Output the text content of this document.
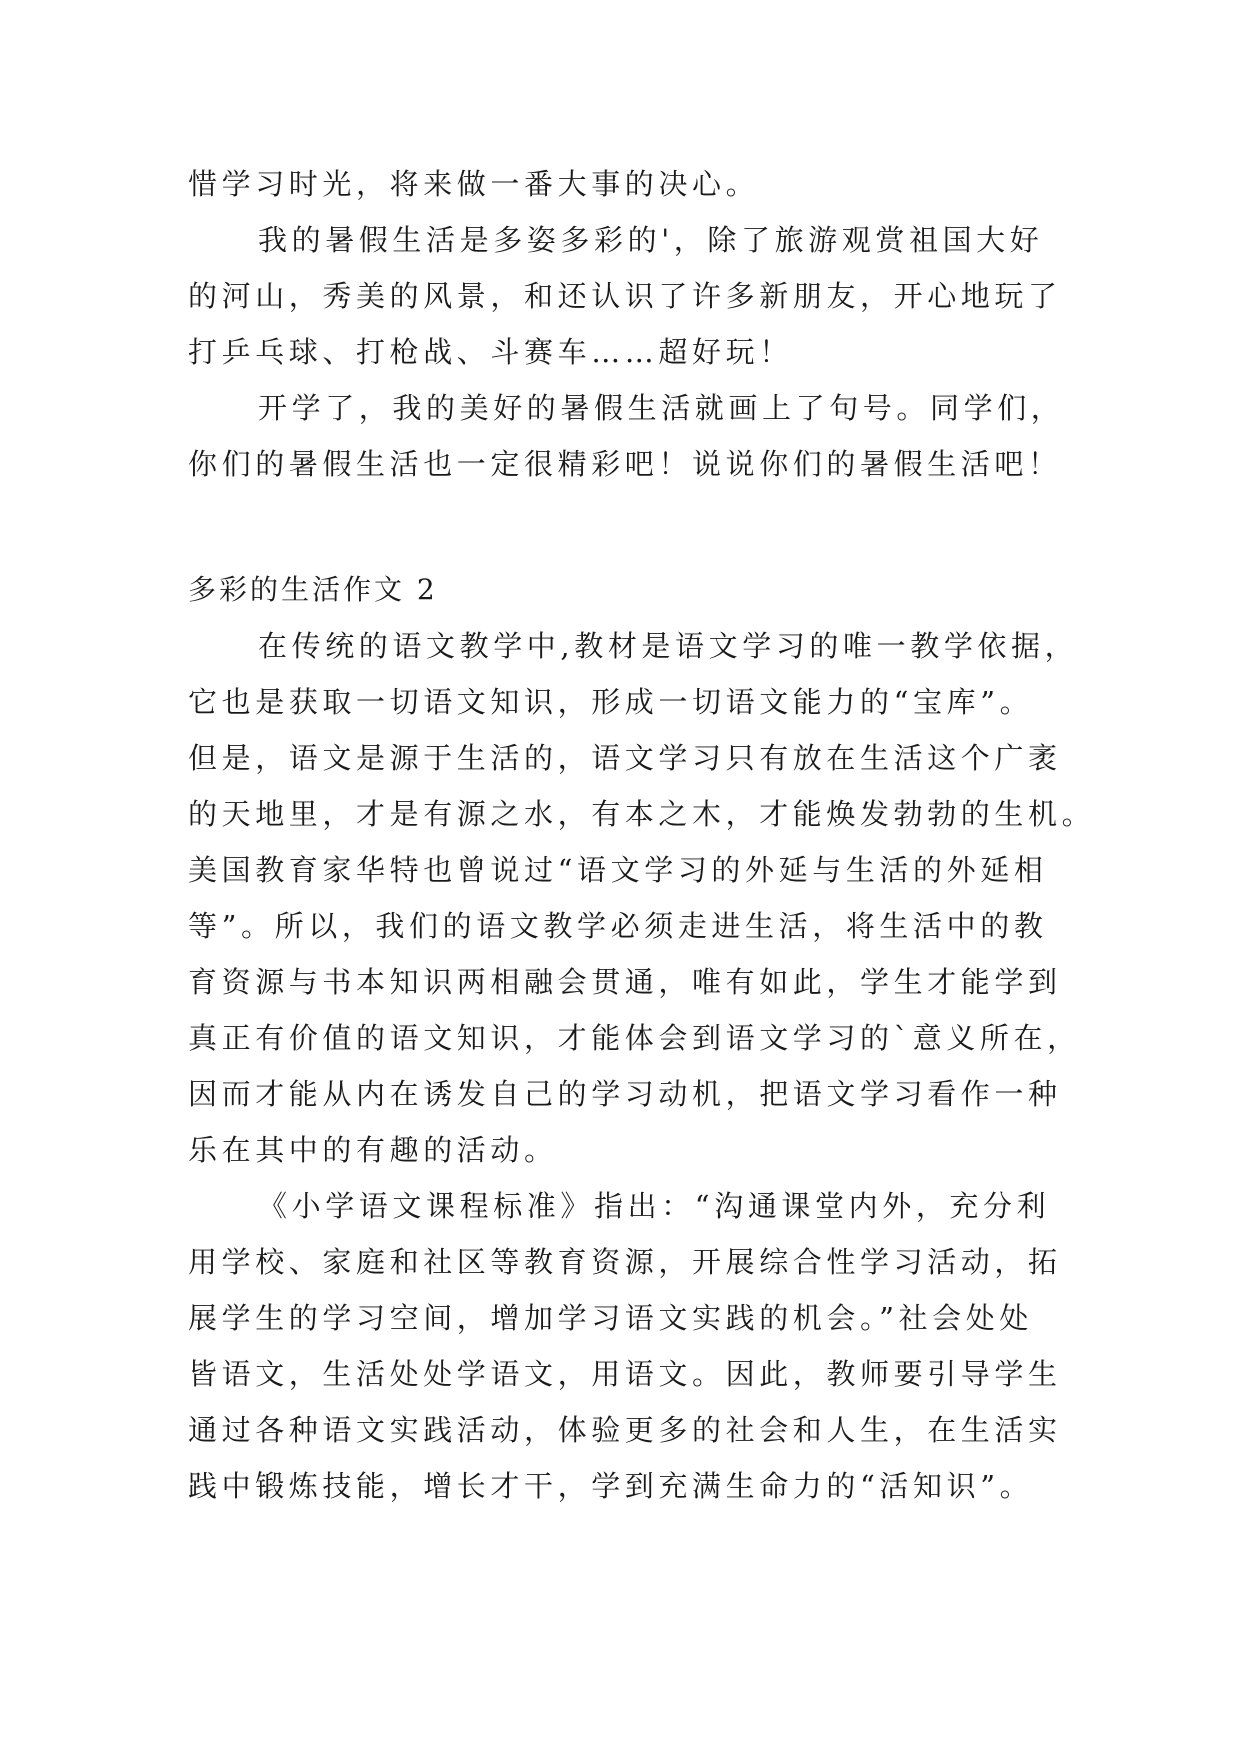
惜学习时光，将来做一番大事的决心。
我的暑假生活是多姿多彩的'，除了旅游观赏祖国大好
的河山，秀美的风景，和还认识了许多新朋友，开心地玩了
打乒乓球、打枪战、斗赛车……超好玩！
开学了，我的美好的暑假生活就画上了句号。同学们，
你们的暑假生活也一定很精彩吧！说说你们的暑假生活吧！
多彩的生活作文 2
在传统的语文教学中,教材是语文学习的唯一教学依据，
它也是获取一切语文知识，形成一切语文能力的“宝库”。
但是，语文是源于生活的，语文学习只有放在生活这个广袤
的天地里，才是有源之水，有本之木，才能焕发勃勃的生机。
美国教育家华特也曾说过“语文学习的外延与生活的外延相
等”。所以，我们的语文教学必须走进生活，将生活中的教
育资源与书本知识两相融会贯通，唯有如此，学生才能学到
真正有价值的语文知识，才能体会到语文学习的`意义所在，
因而才能从内在诱发自己的学习动机，把语文学习看作一种
乐在其中的有趣的活动。
《小学语文课程标准》指出：“沟通课堂内外，充分利
用学校、家庭和社区等教育资源，开展综合性学习活动，拓
展学生的学习空间，增加学习语文实践的机会。”社会处处
皆语文，生活处处学语文，用语文。因此，教师要引导学生
通过各种语文实践活动，体验更多的社会和人生，在生活实
践中锻炼技能，增长才干，学到充满生命力的“活知识”。
